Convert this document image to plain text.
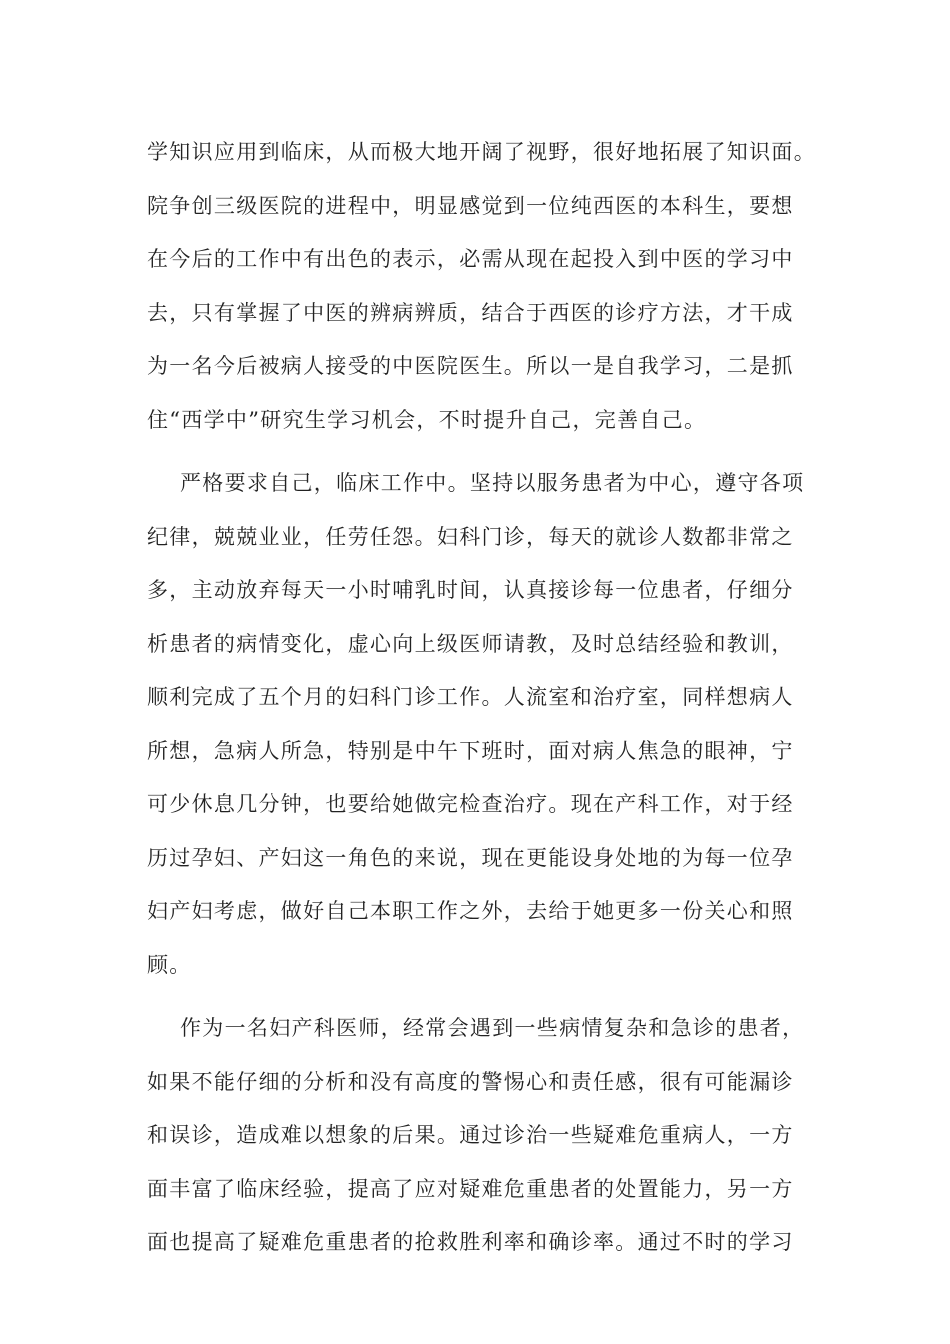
学知识应用到临床，从而极大地开阔了视野，很好地拓展了知识面。

院争创三级医院的进程中，明显感觉到一位纯西医的本科生，要想

在今后的工作中有出色的表示，必需从现在起投入到中医的学习中

去，只有掌握了中医的辨病辨质，结合于西医的诊疗方法，才干成

为一名今后被病人接受的中医院医生。所以一是自我学习，二是抓

住“西学中”研究生学习机会，不时提升自己，完善自己。

严格要求自己，临床工作中。坚持以服务患者为中心，遵守各项

纪律，兢兢业业，任劳任怨。妇科门诊，每天的就诊人数都非常之

多，主动放弃每天一小时哺乳时间，认真接诊每一位患者，仔细分

析患者的病情变化，虚心向上级医师请教，及时总结经验和教训，

顺利完成了五个月的妇科门诊工作。人流室和治疗室，同样想病人

所想，急病人所急，特别是中午下班时，面对病人焦急的眼神，宁

可少休息几分钟，也要给她做完检查治疗。现在产科工作，对于经

历过孕妇、产妇这一角色的来说，现在更能设身处地的为每一位孕

妇产妇考虑，做好自己本职工作之外，去给于她更多一份关心和照

顾。

作为一名妇产科医师，经常会遇到一些病情复杂和急诊的患者，

如果不能仔细的分析和没有高度的警惕心和责任感，很有可能漏诊

和误诊，造成难以想象的后果。通过诊治一些疑难危重病人，一方

面丰富了临床经验，提高了应对疑难危重患者的处置能力，另一方

面也提高了疑难危重患者的抢救胜利率和确诊率。通过不时的学习
